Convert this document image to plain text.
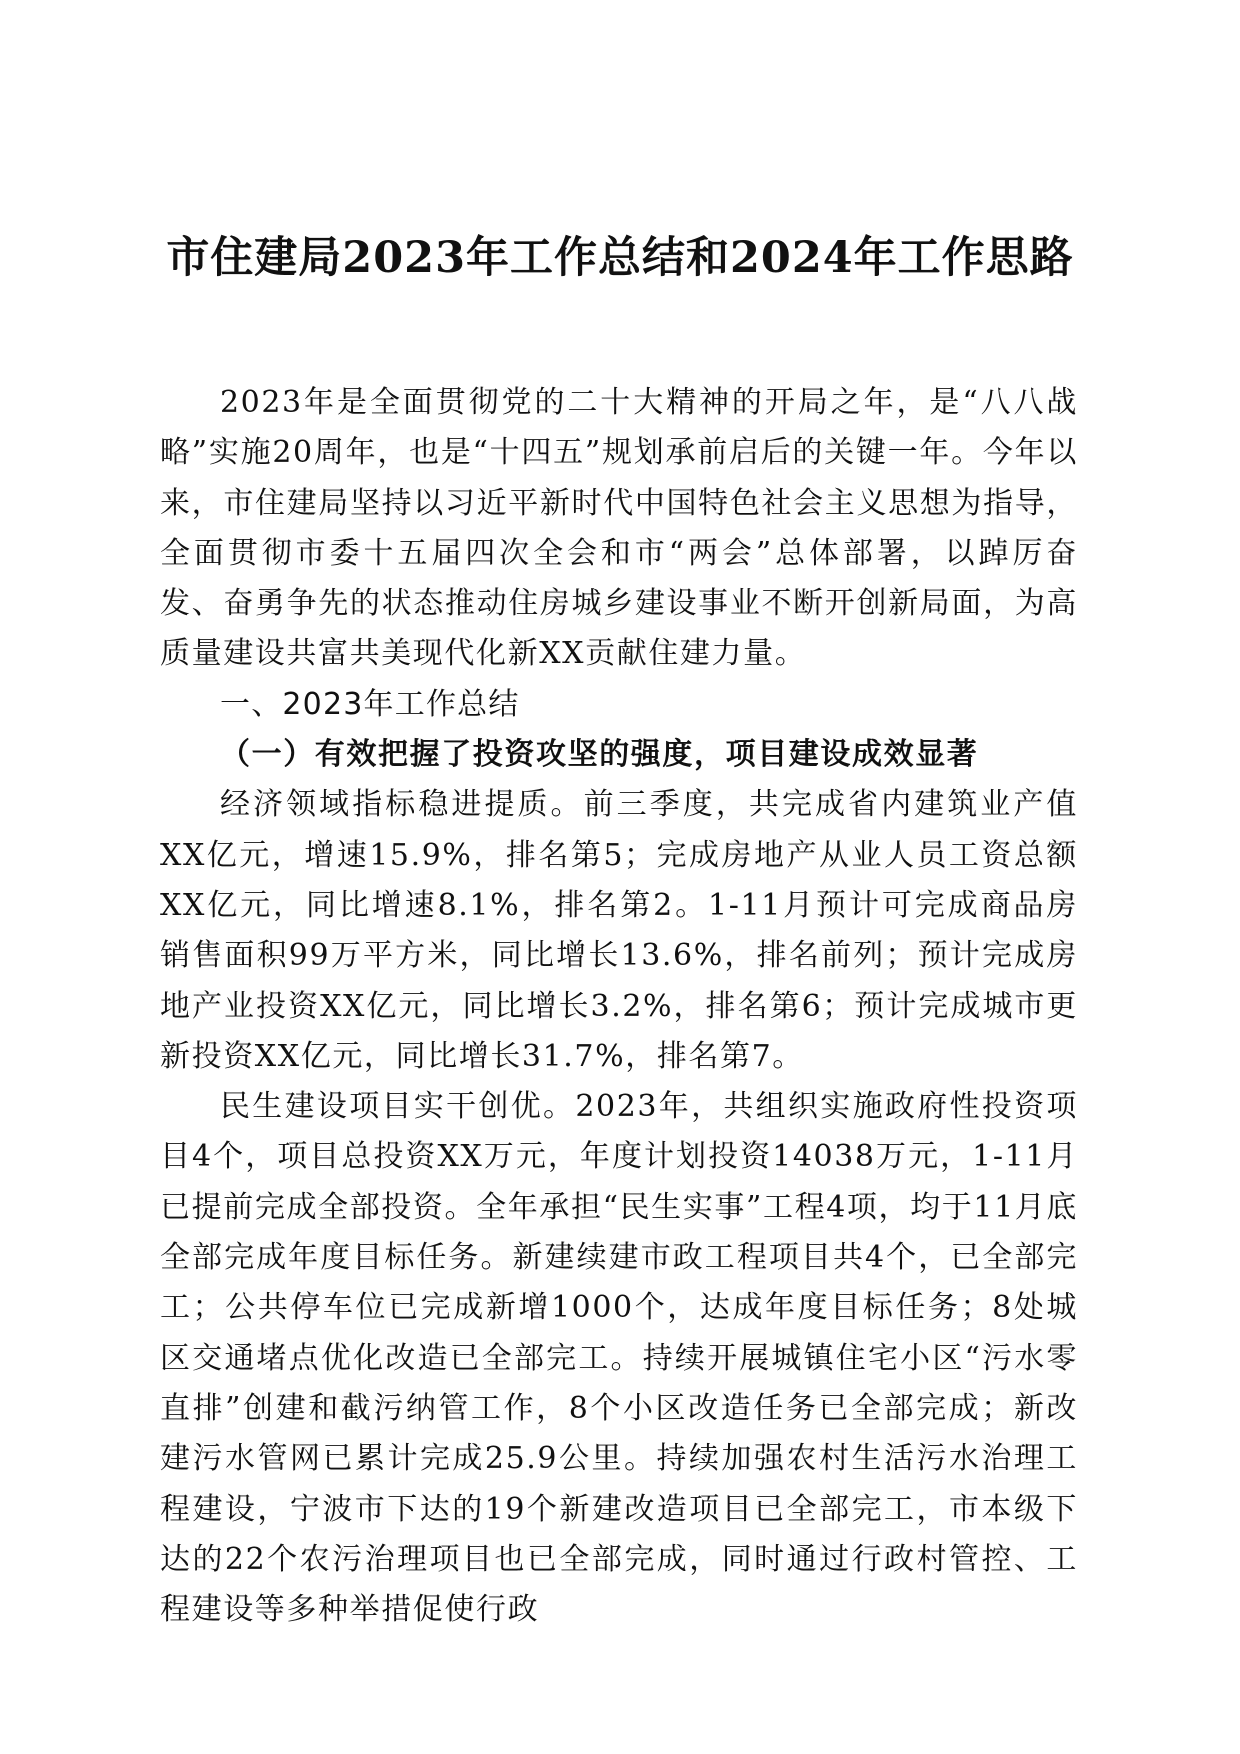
市住建局2023年工作总结和2024年工作思路

2023年是全面贯彻党的二十大精神的开局之年，是“八八战略”实施20周年，也是“十四五”规划承前启后的关键一年。今年以来，市住建局坚持以习近平新时代中国特色社会主义思想为指导，全面贯彻市委十五届四次全会和市“两会”总体部署，以踔厉奋发、奋勇争先的状态推动住房城乡建设事业不断开创新局面，为高质量建设共富共美现代化新XX贡献住建力量。

一、2023年工作总结

（一）有效把握了投资攻坚的强度，项目建设成效显著

经济领域指标稳进提质。前三季度，共完成省内建筑业产值XX亿元，增速15.9%，排名第5；完成房地产从业人员工资总额XX亿元，同比增速8.1%，排名第2。1-11月预计可完成商品房销售面积99万平方米，同比增长13.6%，排名前列；预计完成房地产业投资XX亿元，同比增长3.2%，排名第6；预计完成城市更新投资XX亿元，同比增长31.7%，排名第7。

民生建设项目实干创优。2023年，共组织实施政府性投资项目4个，项目总投资XX万元，年度计划投资14038万元，1-11月已提前完成全部投资。全年承担“民生实事”工程4项，均于11月底全部完成年度目标任务。新建续建市政工程项目共4个，已全部完工；公共停车位已完成新增1000个，达成年度目标任务；8处城区交通堵点优化改造已全部完工。持续开展城镇住宅小区“污水零直排”创建和截污纳管工作，8个小区改造任务已全部完成；新改建污水管网已累计完成25.9公里。持续加强农村生活污水治理工程建设，宁波市下达的19个新建改造项目已全部完工，市本级下达的22个农污治理项目也已全部完成，同时通过行政村管控、工程建设等多种举措促使行政
